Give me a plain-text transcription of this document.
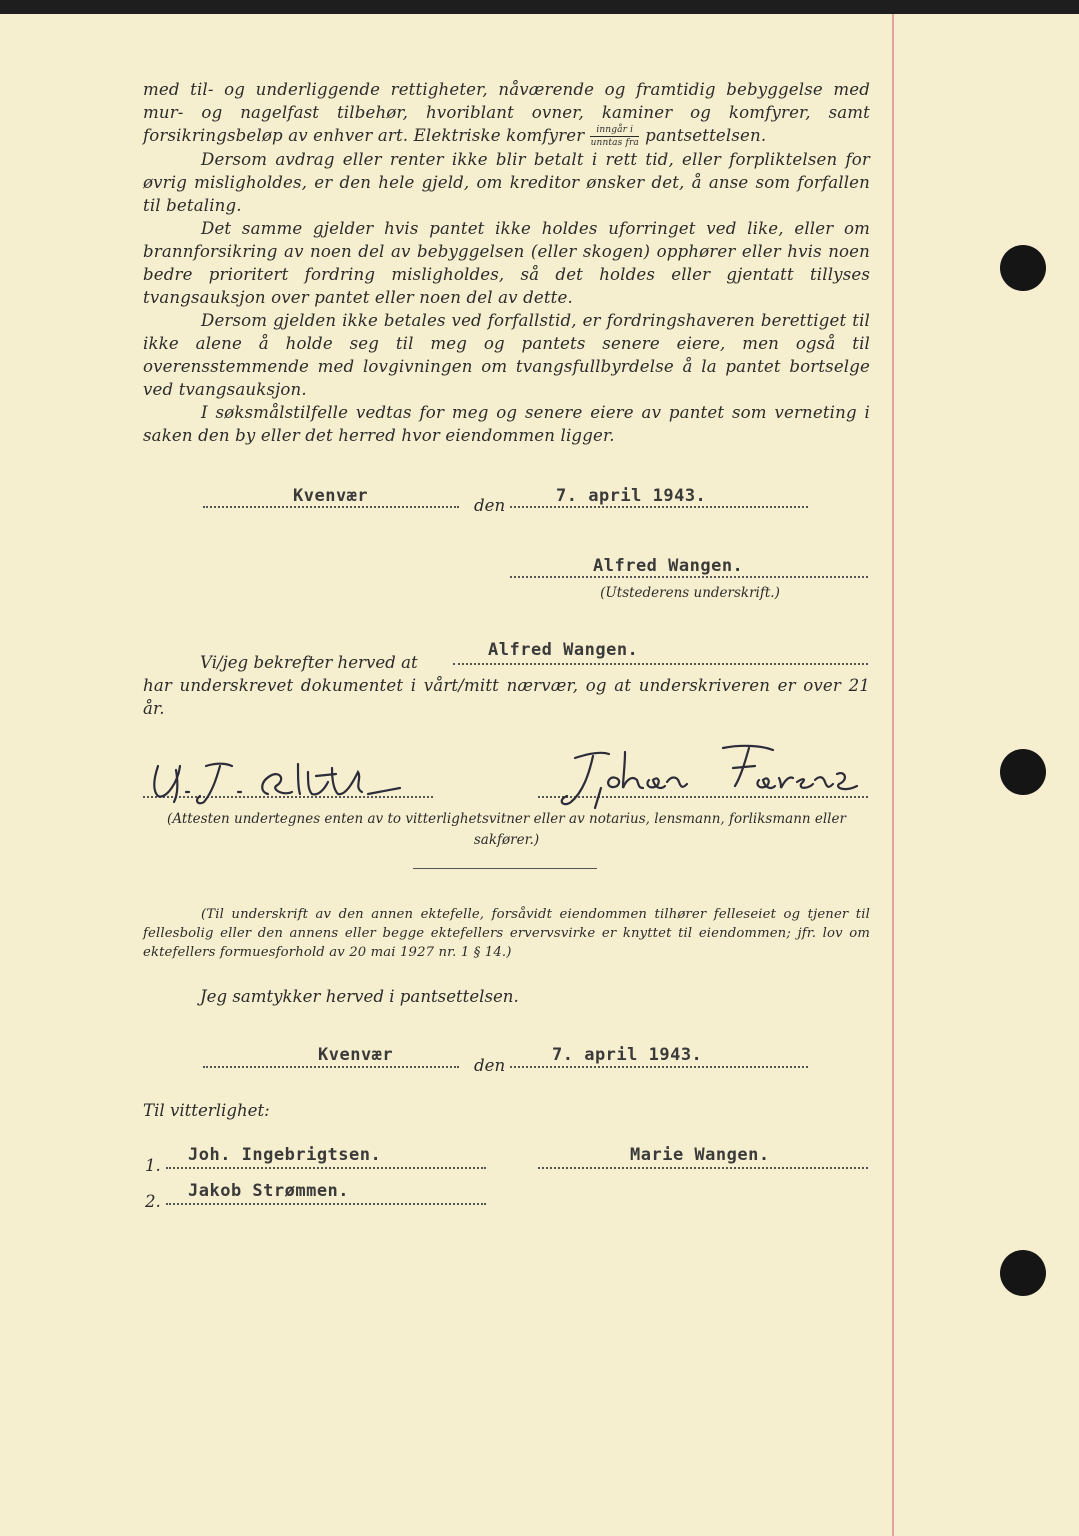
med til- og underliggende rettigheter, nåværende og framtidig bebyggelse med mur- og nagelfast tilbehør, hvoriblant ovner, kaminer og komfyrer, samt forsikringsbeløp av enhver art. Elektriske komfyrer $\frac{\text{inngår i}}{\text{unntas fra}}$ pantsettelsen.

Dersom avdrag eller renter ikke blir betalt i rett tid, eller forpliktelsen for øvrig misligholdes, er den hele gjeld, om kreditor ønsker det, å anse som forfallen til betaling.

Det samme gjelder hvis pantet ikke holdes uforringet ved like, eller om brannforsikring av noen del av bebyggelsen (eller skogen) opphører eller hvis noen bedre prioritert fordring misligholdes, så det holdes eller gjentatt tillyses tvangsauksjon over pantet eller noen del av dette.

Dersom gjelden ikke betales ved forfallstid, er fordringshaveren berettiget til ikke alene å holde seg til meg og pantets senere eiere, men også til overensstemmende med lovgivningen om tvangsfullbyrdelse å la pantet bortselge ved tvangsauksjon.

I søksmålstilfelle vedtas for meg og senere eiere av pantet som verneting i saken den by eller det herred hvor eiendommen ligger.

Kvenvær	den	7. april 1943.
Alfred Wangen.
(Utstederens underskrift.)
Vi/jeg bekrefter herved at
Alfred Wangen.

har underskrevet dokumentet i vårt/mitt nærvær, og at underskriveren er over 21 år.

(Attesten undertegnes enten av to vitterlighetsvitner eller av notarius, lensmann, forliksmann eller sakfører.)

(Til underskrift av den annen ektefelle, forsåvidt eiendommen tilhører felleseiet og tjener til fellesbolig eller den annens eller begge ektefellers ervervsvirke er knyttet til eiendommen; jfr. lov om ektefellers formuesforhold av 20 mai 1927 nr. 1 § 14.)

Jeg samtykker herved i pantsettelsen.
Kvenvær
den
7. april 1943.
Til vitterlighet:
1.
Joh. Ingebrigtsen.	Marie Wangen.
2.
Jakob Strømmen.
